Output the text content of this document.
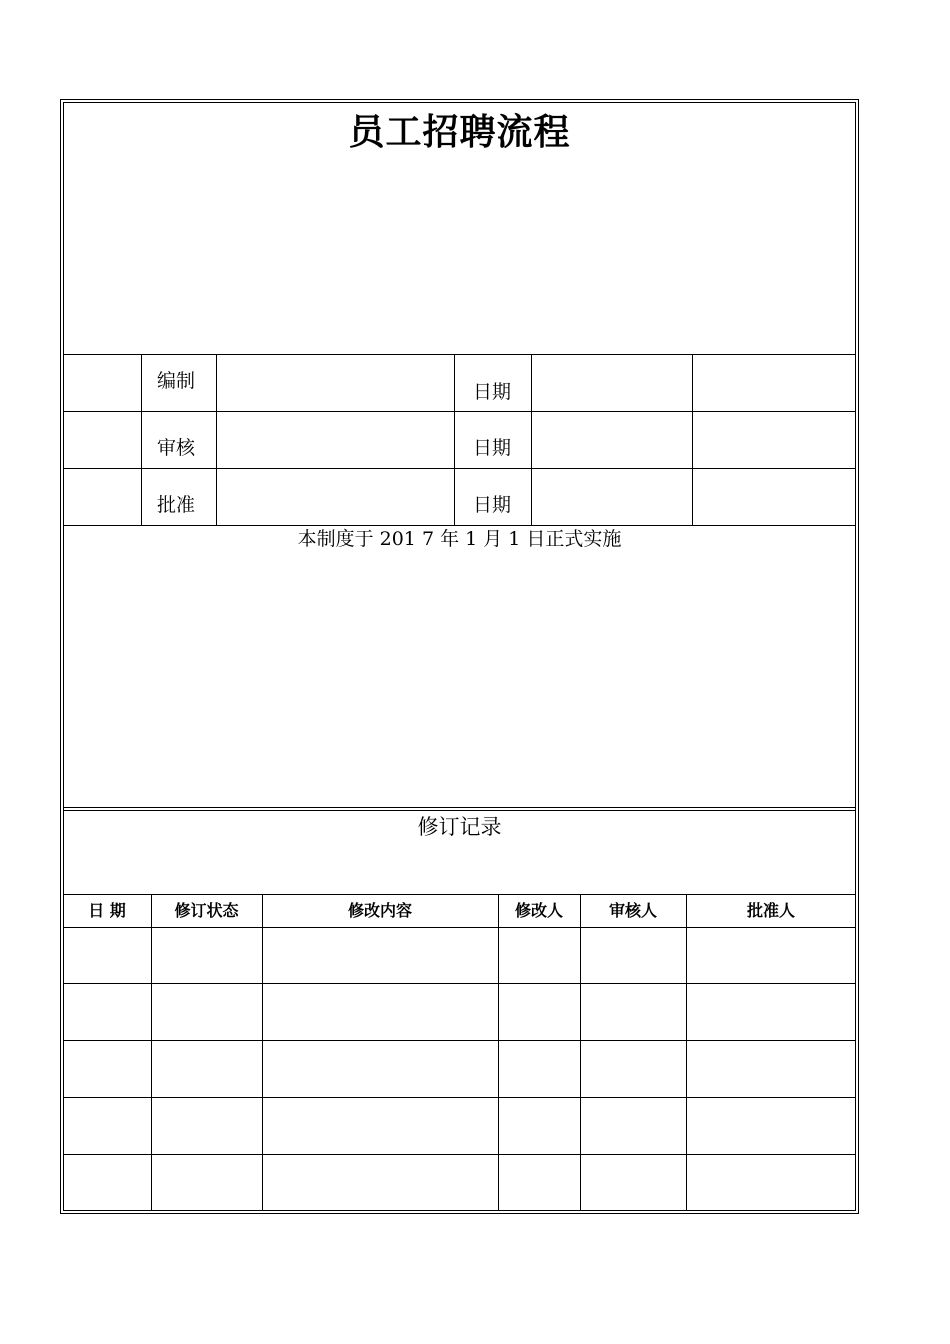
员工招聘流程
编制	日期
审核	日期
批准	日期
本制度于 201 7 年 1 月 1 日正式实施
修订记录
日 期	修订状态	修改内容	修改人	审核人	批准人
